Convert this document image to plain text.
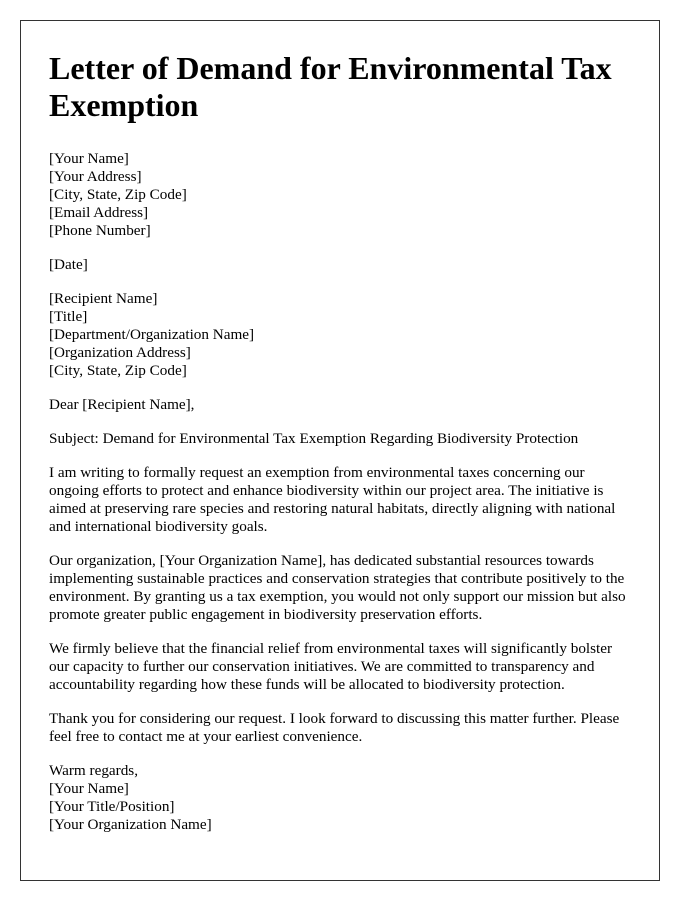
Letter of Demand for Environmental Tax Exemption
[Your Name]
[Your Address]
[City, State, Zip Code]
[Email Address]
[Phone Number]
[Date]
[Recipient Name]
[Title]
[Department/Organization Name]
[Organization Address]
[City, State, Zip Code]

Dear [Recipient Name],

Subject: Demand for Environmental Tax Exemption Regarding Biodiversity Protection

I am writing to formally request an exemption from environmental taxes concerning our ongoing efforts to protect and enhance biodiversity within our project area. The initiative is aimed at preserving rare species and restoring natural habitats, directly aligning with national and international biodiversity goals.

Our organization, [Your Organization Name], has dedicated substantial resources towards implementing sustainable practices and conservation strategies that contribute positively to the environment. By granting us a tax exemption, you would not only support our mission but also promote greater public engagement in biodiversity preservation efforts.

We firmly believe that the financial relief from environmental taxes will significantly bolster our capacity to further our conservation initiatives. We are committed to transparency and accountability regarding how these funds will be allocated to biodiversity protection.

Thank you for considering our request. I look forward to discussing this matter further. Please feel free to contact me at your earliest convenience.

Warm regards,
[Your Name]
[Your Title/Position]
[Your Organization Name]
